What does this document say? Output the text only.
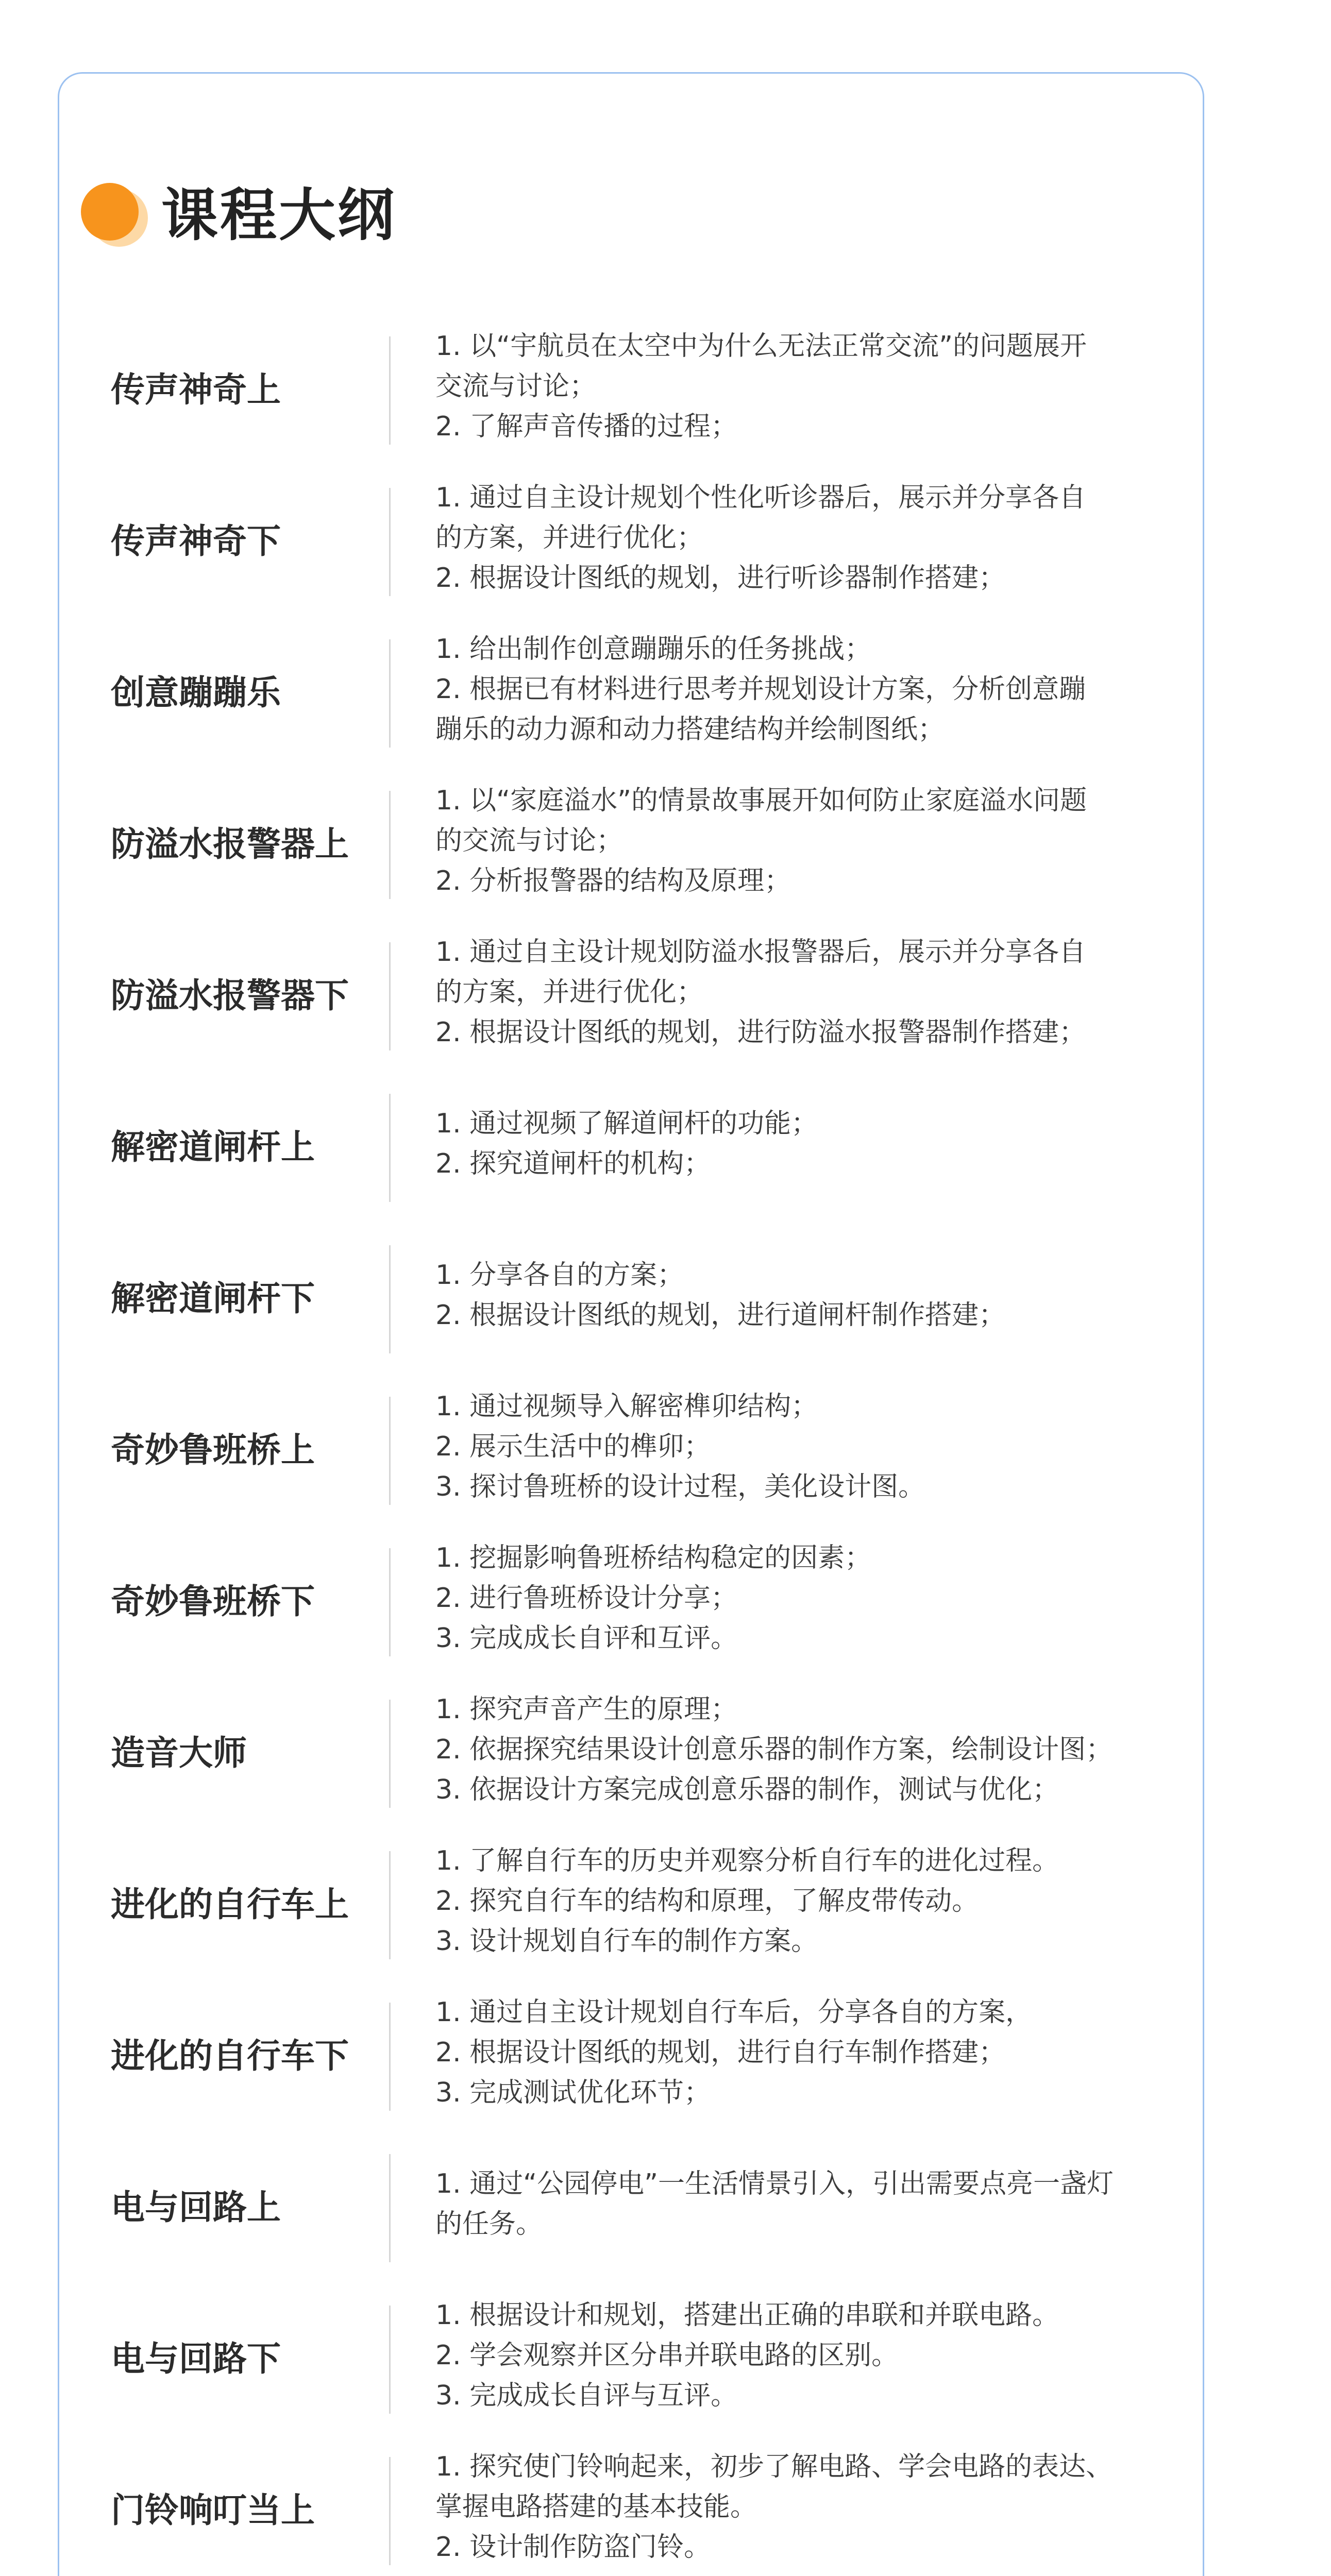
课程大纲
传声神奇上
1. 以“宇航员在太空中为什么无法正常交流”的问题展开
交流与讨论；
2. 了解声音传播的过程；
传声神奇下
1. 通过自主设计规划个性化听诊器后，展示并分享各自
的方案，并进行优化；
2. 根据设计图纸的规划，进行听诊器制作搭建；
创意蹦蹦乐
1. 给出制作创意蹦蹦乐的任务挑战；
2. 根据已有材料进行思考并规划设计方案，分析创意蹦
蹦乐的动力源和动力搭建结构并绘制图纸；
防溢水报警器上
1. 以“家庭溢水”的情景故事展开如何防止家庭溢水问题
的交流与讨论；
2. 分析报警器的结构及原理；
防溢水报警器下
1. 通过自主设计规划防溢水报警器后，展示并分享各自
的方案，并进行优化；
2. 根据设计图纸的规划，进行防溢水报警器制作搭建；
解密道闸杆上
1. 通过视频了解道闸杆的功能；
2. 探究道闸杆的机构；
解密道闸杆下
1. 分享各自的方案；
2. 根据设计图纸的规划，进行道闸杆制作搭建；
奇妙鲁班桥上
1. 通过视频导入解密榫卯结构；
2. 展示生活中的榫卯；
3. 探讨鲁班桥的设计过程，美化设计图。
奇妙鲁班桥下
1. 挖掘影响鲁班桥结构稳定的因素；
2. 进行鲁班桥设计分享；
3. 完成成长自评和互评。
造音大师
1. 探究声音产生的原理；
2. 依据探究结果设计创意乐器的制作方案，绘制设计图；
3. 依据设计方案完成创意乐器的制作，测试与优化；
进化的自行车上
1. 了解自行车的历史并观察分析自行车的进化过程。
2. 探究自行车的结构和原理，了解皮带传动。
3. 设计规划自行车的制作方案。
进化的自行车下
1. 通过自主设计规划自行车后，分享各自的方案，
2. 根据设计图纸的规划，进行自行车制作搭建；
3. 完成测试优化环节；
电与回路上
1. 通过“公园停电”一生活情景引入，引出需要点亮一盏灯
的任务。
电与回路下
1. 根据设计和规划，搭建出正确的串联和并联电路。
2. 学会观察并区分串并联电路的区别。
3. 完成成长自评与互评。
门铃响叮当上
1. 探究使门铃响起来，初步了解电路、学会电路的表达、
掌握电路搭建的基本技能。
2. 设计制作防盗门铃。
